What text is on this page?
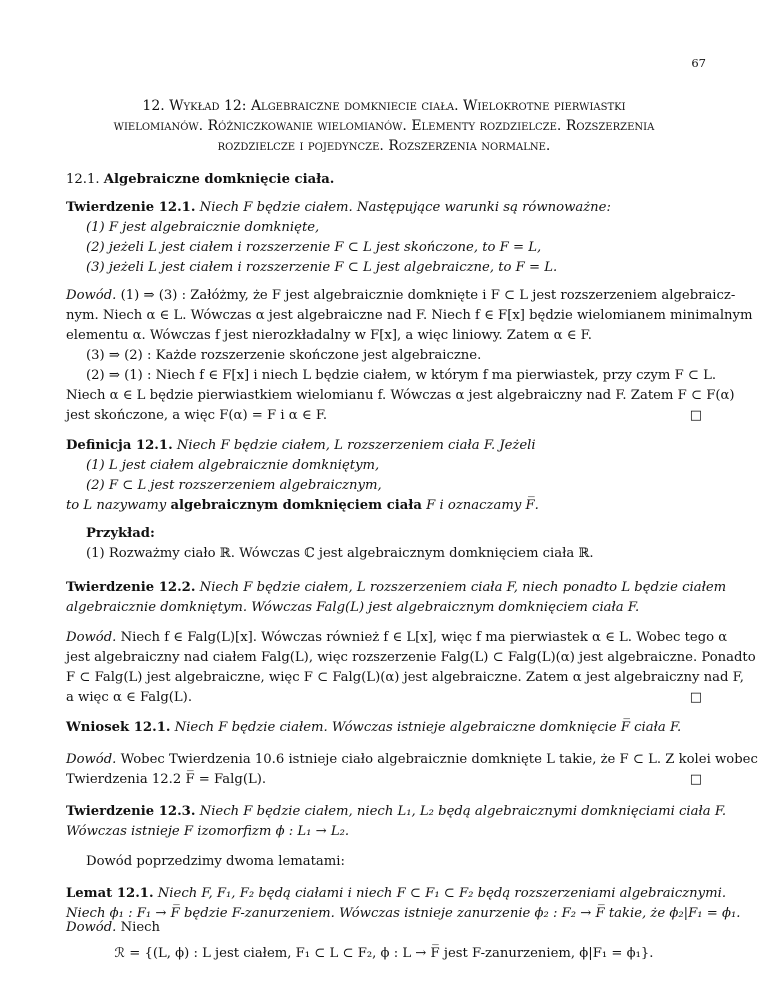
67
12. Wykład 12: Algebraiczne domkniecie ciała. Wielokrotne pierwiastki
wielomianów. Różniczkowanie wielomianów. Elementy rozdzielcze. Rozszerzenia
rozdzielcze i pojedyncze. Rozszerzenia normalne.
12.1. Algebraiczne domknięcie ciała.
Twierdzenie 12.1. Niech F będzie ciałem. Następujące warunki są równoważne:
(1) F jest algebraicznie domknięte,
(2) jeżeli L jest ciałem i rozszerzenie F ⊂ L jest skończone, to F = L,
(3) jeżeli L jest ciałem i rozszerzenie F ⊂ L jest algebraiczne, to F = L.
Dowód. (1) ⇒ (3) : Załóżmy, że F jest algebraicznie domknięte i F ⊂ L jest rozszerzeniem algebraicz-
nym. Niech α ∈ L. Wówczas α jest algebraiczne nad F. Niech f ∈ F[x] będzie wielomianem minimalnym
elementu α. Wówczas f jest nierozkładalny w F[x], a więc liniowy. Zatem α ∈ F.
(3) ⇒ (2) : Każde rozszerzenie skończone jest algebraiczne.
(2) ⇒ (1) : Niech f ∈ F[x] i niech L będzie ciałem, w którym f ma pierwiastek, przy czym F ⊂ L.
Niech α ∈ L będzie pierwiastkiem wielomianu f. Wówczas α jest algebraiczny nad F. Zatem F ⊂ F(α)
jest skończone, a więc F(α) = F i α ∈ F.	□
Definicja 12.1. Niech F będzie ciałem, L rozszerzeniem ciała F. Jeżeli
(1) L jest ciałem algebraicznie domkniętym,
(2) F ⊂ L jest rozszerzeniem algebraicznym,
to L nazywamy algebraicznym domknięciem ciała F i oznaczamy F̅.
Przykład:
(1) Rozważmy ciało ℝ. Wówczas ℂ jest algebraicznym domknięciem ciała ℝ.
Twierdzenie 12.2. Niech F będzie ciałem, L rozszerzeniem ciała F, niech ponadto L będzie ciałem
algebraicznie domkniętym. Wówczas Falg(L) jest algebraicznym domknięciem ciała F.
Dowód. Niech f ∈ Falg(L)[x]. Wówczas również f ∈ L[x], więc f ma pierwiastek α ∈ L. Wobec tego α
jest algebraiczny nad ciałem Falg(L), więc rozszerzenie Falg(L) ⊂ Falg(L)(α) jest algebraiczne. Ponadto
F ⊂ Falg(L) jest algebraiczne, więc F ⊂ Falg(L)(α) jest algebraiczne. Zatem α jest algebraiczny nad F,
a więc α ∈ Falg(L).	□
Wniosek 12.1. Niech F będzie ciałem. Wówczas istnieje algebraiczne domknięcie F̅ ciała F.
Dowód. Wobec Twierdzenia 10.6 istnieje ciało algebraicznie domknięte L takie, że F ⊂ L. Z kolei wobec
Twierdzenia 12.2 F̅ = Falg(L).	□
Twierdzenie 12.3. Niech F będzie ciałem, niech L₁, L₂ będą algebraicznymi domknięciami ciała F.
Wówczas istnieje F izomorfizm ϕ : L₁ → L₂.
Dowód poprzedzimy dwoma lematami:
Lemat 12.1. Niech F, F₁, F₂ będą ciałami i niech F ⊂ F₁ ⊂ F₂ będą rozszerzeniami algebraicznymi.
Niech ϕ₁ : F₁ → F̅ będzie F-zanurzeniem. Wówczas istnieje zanurzenie ϕ₂ : F₂ → F̅ takie, że ϕ₂|F₁ = ϕ₁.
Dowód. Niech
ℛ = {(L, ϕ) : L jest ciałem, F₁ ⊂ L ⊂ F₂, ϕ : L → F̅ jest F-zanurzeniem, ϕ|F₁ = ϕ₁}.
